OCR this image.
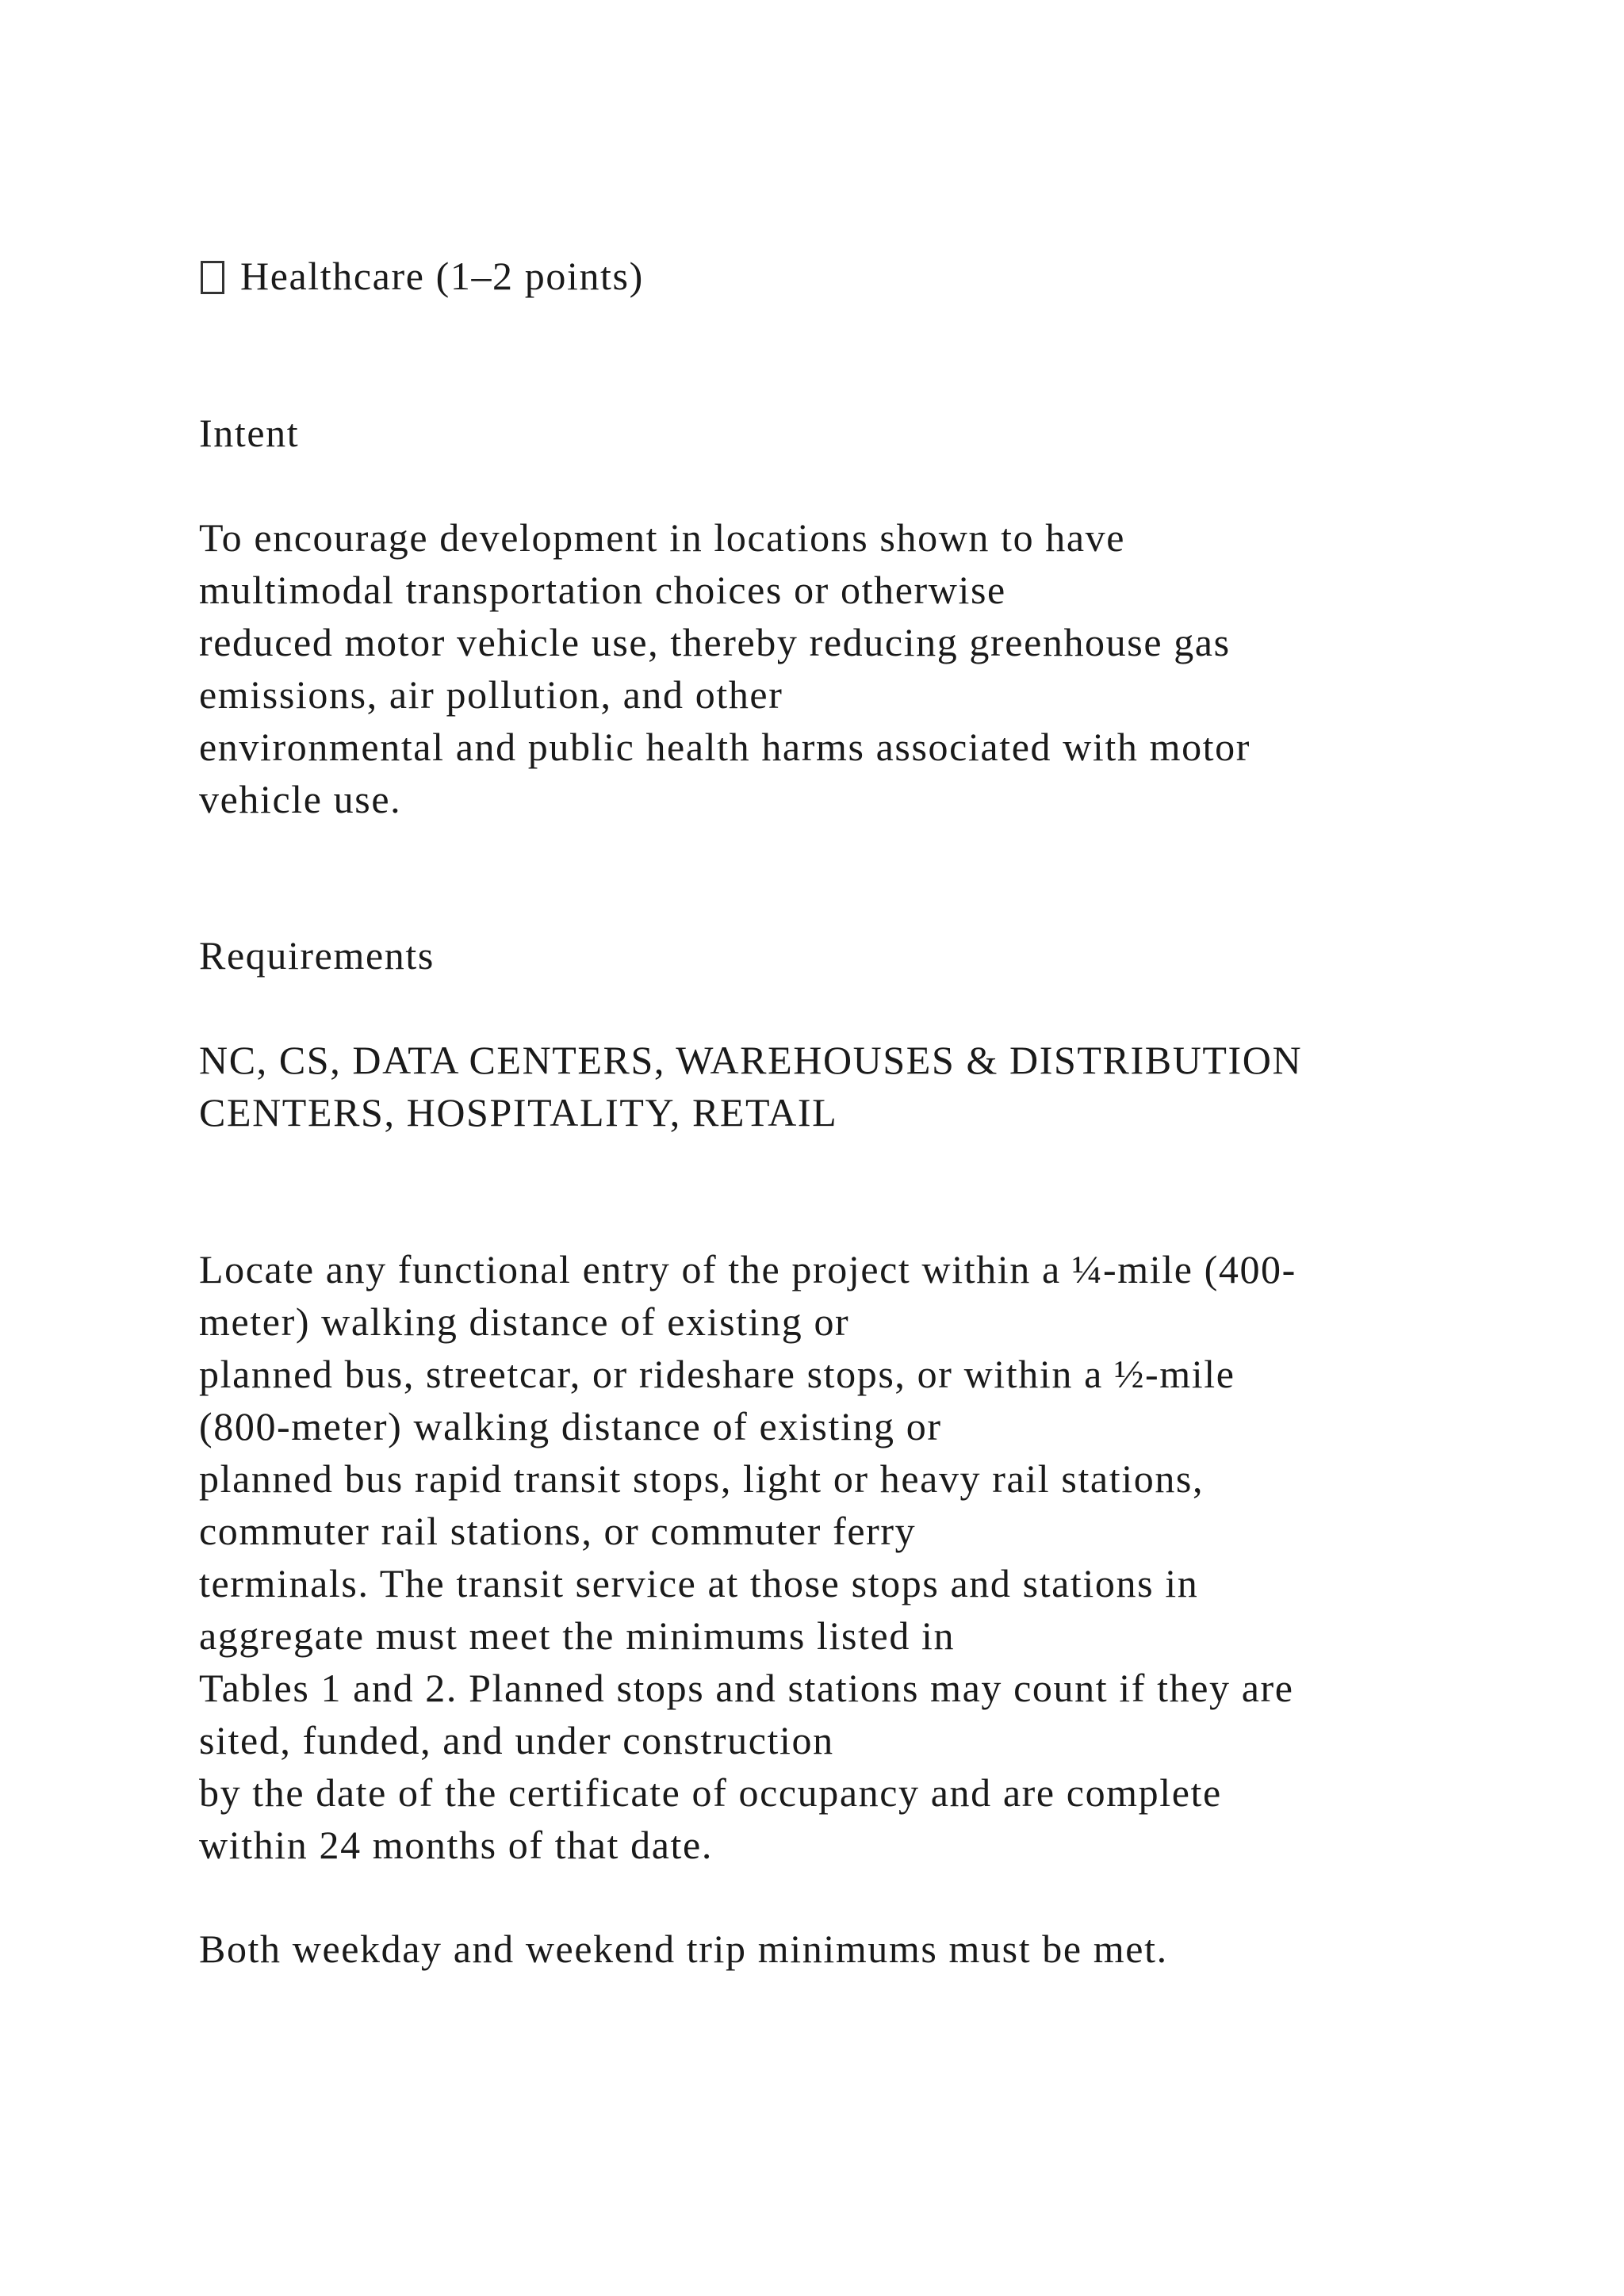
Healthcare (1–2 points)

Intent

To encourage development in locations shown to have

multimodal transportation choices or otherwise

reduced motor vehicle use, thereby reducing greenhouse gas

emissions, air pollution, and other

environmental and public health harms associated with motor

vehicle use.

Requirements

NC, CS, DATA CENTERS, WAREHOUSES & DISTRIBUTION

CENTERS, HOSPITALITY, RETAIL

Locate any functional entry of the project within a ¼-mile (400-

meter) walking distance of existing or

planned bus, streetcar, or rideshare stops, or within a ½-mile

(800-meter) walking distance of existing or

planned bus rapid transit stops, light or heavy rail stations,

commuter rail stations, or commuter ferry

terminals. The transit service at those stops and stations in

aggregate must meet the minimums listed in

Tables 1 and 2. Planned stops and stations may count if they are

sited, funded, and under construction

by the date of the certificate of occupancy and are complete

within 24 months of that date.

Both weekday and weekend trip minimums must be met.
